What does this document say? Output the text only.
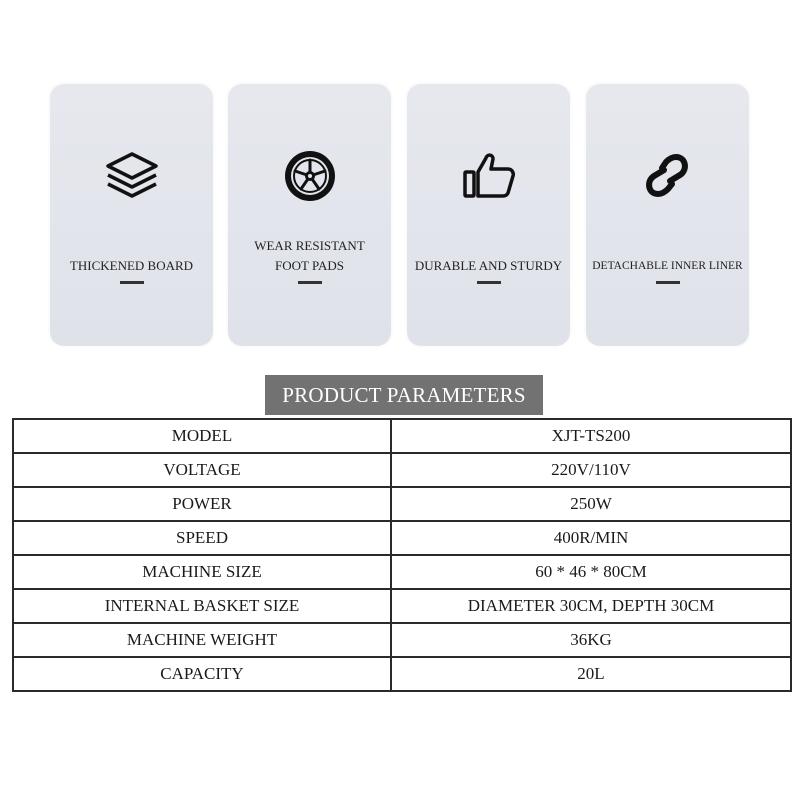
THICKENED BOARD
WEAR RESISTANT
FOOT PADS	DURABLE AND STURDY	DETACHABLE INNER LINER
PRODUCT PARAMETERS
MODEL	XJT-TS200
VOLTAGE	220V/110V
POWER	250W
SPEED	400R/MIN
MACHINE SIZE	60 * 46 * 80CM
INTERNAL BASKET SIZE	DIAMETER 30CM, DEPTH 30CM
MACHINE WEIGHT	36KG
CAPACITY	20L
